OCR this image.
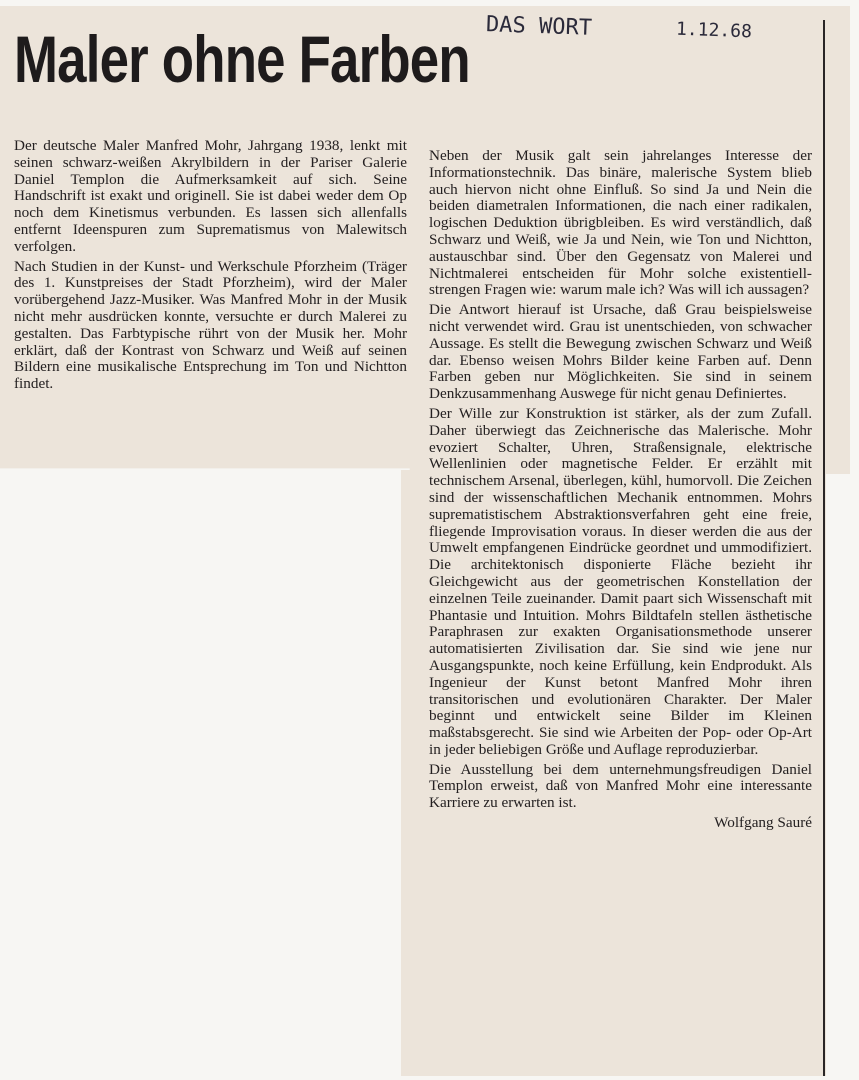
DAS WORT	1.12.68
Maler ohne Farben

Der deutsche Maler Manfred Mohr, Jahrgang 1938, lenkt mit seinen schwarz-weißen Akrylbildern in der Pariser Galerie Daniel Templon die Aufmerksamkeit auf sich. Seine Handschrift ist exakt und originell. Sie ist dabei weder dem Op noch dem Kinetismus verbunden. Es lassen sich allenfalls entfernt Ideenspuren zum Suprematismus von Malewitsch verfolgen.

Nach Studien in der Kunst- und Werkschule Pforzheim (Träger des 1. Kunstpreises der Stadt Pforzheim), wird der Maler vorübergehend Jazz-Musiker. Was Manfred Mohr in der Musik nicht mehr ausdrücken konnte, versuchte er durch Malerei zu gestalten. Das Farbtypische rührt von der Musik her. Mohr erklärt, daß der Kontrast von Schwarz und Weiß auf seinen Bildern eine musikalische Entsprechung im Ton und Nichtton findet.

Neben der Musik galt sein jahrelanges Interesse der Informationstechnik. Das binäre, malerische System blieb auch hiervon nicht ohne Einfluß. So sind Ja und Nein die beiden diametralen Informationen, die nach einer radikalen, logischen Deduktion übrigbleiben. Es wird verständlich, daß Schwarz und Weiß, wie Ja und Nein, wie Ton und Nichtton, austauschbar sind. Über den Gegensatz von Malerei und Nichtmalerei entscheiden für Mohr solche existentiell-strengen Fragen wie: warum male ich? Was will ich aussagen?

Die Antwort hierauf ist Ursache, daß Grau beispielsweise nicht verwendet wird. Grau ist unentschieden, von schwacher Aussage. Es stellt die Bewegung zwischen Schwarz und Weiß dar. Ebenso weisen Mohrs Bilder keine Farben auf. Denn Farben geben nur Möglichkeiten. Sie sind in seinem Denkzusammenhang Auswege für nicht genau Definiertes.

Der Wille zur Konstruktion ist stärker, als der zum Zufall. Daher überwiegt das Zeichnerische das Malerische. Mohr evoziert Schalter, Uhren, Straßensignale, elektrische Wellenlinien oder magnetische Felder. Er erzählt mit technischem Arsenal, überlegen, kühl, humorvoll. Die Zeichen sind der wissenschaftlichen Mechanik entnommen. Mohrs suprematistischem Abstraktionsverfahren geht eine freie, fliegende Improvisation voraus. In dieser werden die aus der Umwelt empfangenen Eindrücke geordnet und ummodifiziert. Die architektonisch disponierte Fläche bezieht ihr Gleichgewicht aus der geometrischen Konstellation der einzelnen Teile zueinander. Damit paart sich Wissenschaft mit Phantasie und Intuition. Mohrs Bildtafeln stellen ästhetische Paraphrasen zur exakten Organisationsmethode unserer automatisierten Zivilisation dar. Sie sind wie jene nur Ausgangspunkte, noch keine Erfüllung, kein Endprodukt. Als Ingenieur der Kunst betont Manfred Mohr ihren transitorischen und evolutionären Charakter. Der Maler beginnt und entwickelt seine Bilder im Kleinen maßstabsgerecht. Sie sind wie Arbeiten der Pop- oder Op-Art in jeder beliebigen Größe und Auflage reproduzierbar.

Die Ausstellung bei dem unternehmungsfreudigen Daniel Templon erweist, daß von Manfred Mohr eine interessante Karriere zu erwarten ist.

Wolfgang Sauré
